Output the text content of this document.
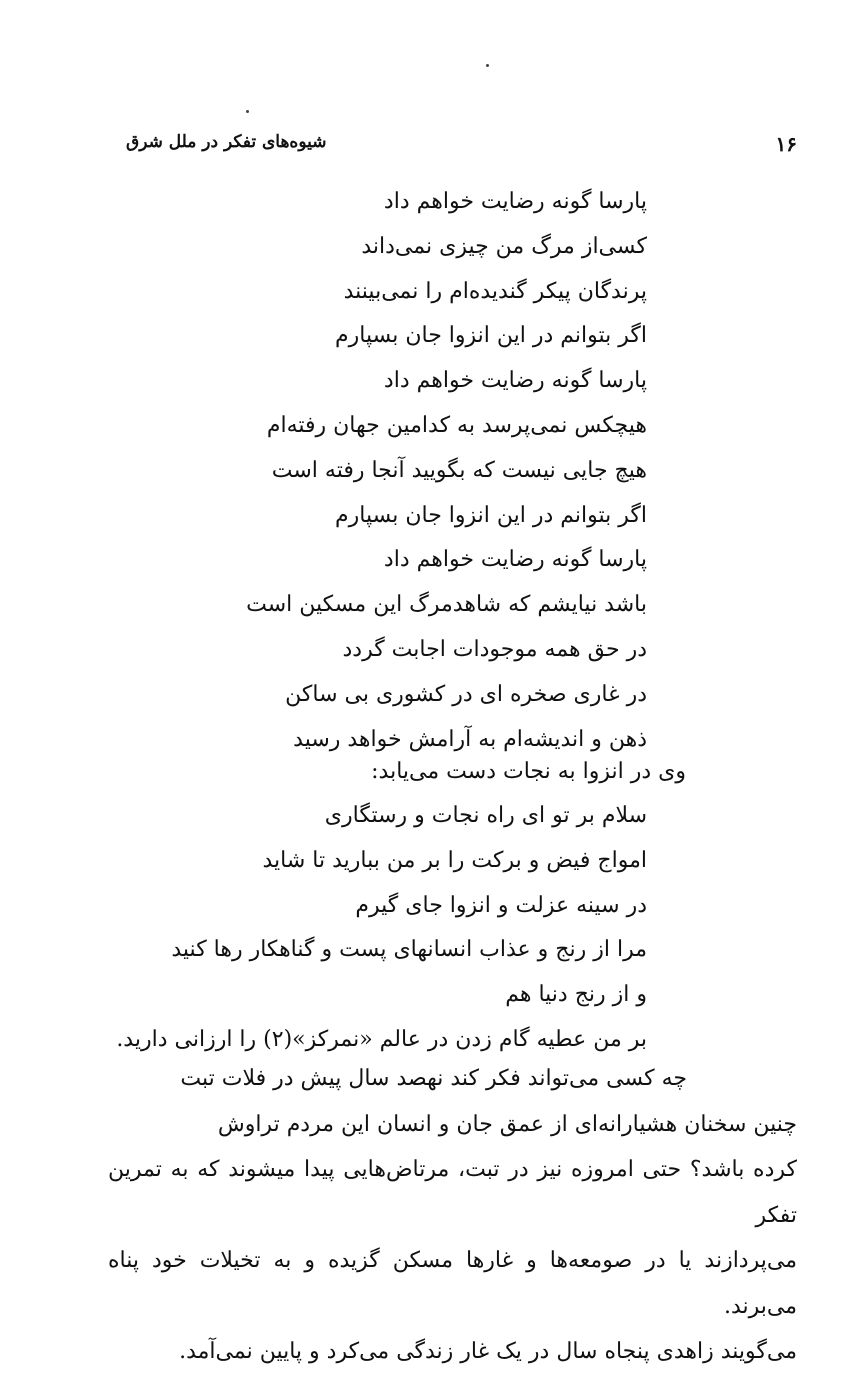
۱۶
شیوه‌های تفکر در ملل شرق
پارسا گونه رضایت خواهم داد
کسی‌از مرگ من چیزی نمی‌داند
پرندگان پیکر گندیده‌ام را نمی‌بینند
اگر بتوانم در این انزوا جان بسپارم
پارسا گونه رضایت خواهم داد
هیچکس نمی‌پرسد به کدامین جهان رفته‌ام
هیچ جایی نیست که بگویید آنجا رفته است
اگر بتوانم در این انزوا جان بسپارم
پارسا گونه رضایت خواهم داد
باشد نیایشم که شاهدمرگ این مسکین است
در حق همه موجودات اجابت گردد
در غاری صخره ای در کشوری بی ساکن
ذهن و اندیشه‌ام به آرامش خواهد رسید
وی در انزوا به نجات دست می‌یابد:
سلام بر تو ای راه نجات و رستگاری
امواج فیض و برکت را بر من ببارید تا شاید
در سینه عزلت و انزوا جای گیرم
مرا از رنج و عذاب انسانهای پست و گناهکار رها کنید
و از رنج دنیا هم
بر من عطیه گام زدن در عالم «نمرکز»(۲) را ارزانی دارید.

چه کسی می‌تواند فکر کند نهصد سال پیش در فلات تبت

چنین سخنان هشیارانه‌ای از عمق جان و انسان این مردم تراوش

کرده باشد؟ حتی امروزه نیز در تبت، مرتاض‌هایی پیدا میشوند که به تمرین تفکر

می‌پردازند یا در صومعه‌ها و غارها مسکن گزیده و به تخیلات خود پناه می‌برند.

می‌گویند زاهدی پنجاه سال در یک غار زندگی می‌کرد و پایین نمی‌آمد.
